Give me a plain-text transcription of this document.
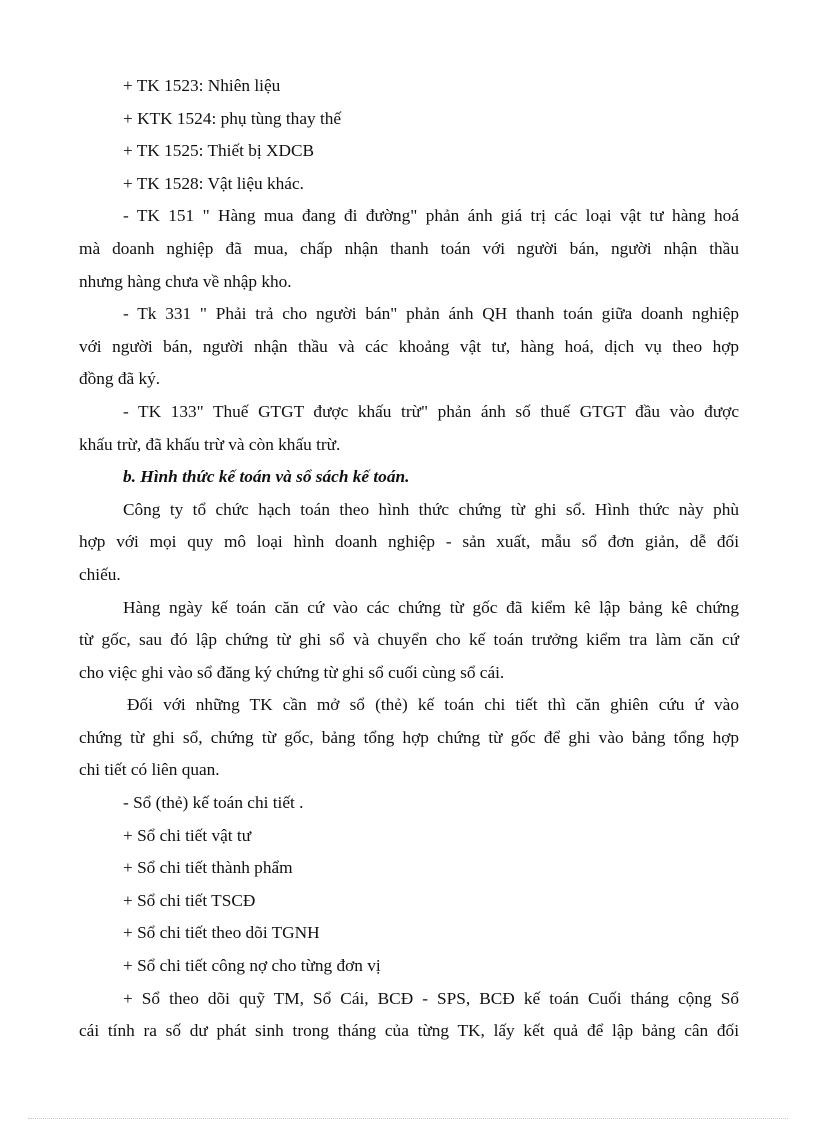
+ TK 1523: Nhiên liệu
+ KTK 1524: phụ tùng thay thế
+ TK 1525: Thiết bị XDCB
+ TK 1528: Vật liệu khác.
- TK 151 " Hàng mua đang đi đường" phản ánh giá trị các loại vật tư hàng hoá
mà doanh nghiệp đã mua, chấp nhận thanh toán với người bán, người nhận thầu
nhưng hàng chưa về nhập kho.
- Tk 331 " Phải trả cho người bán" phản ánh QH thanh toán giữa doanh nghiệp
với người bán, người nhận thầu và các khoảng vật tư, hàng hoá, dịch vụ theo hợp
đồng đã ký.
- TK 133" Thuế GTGT được khấu trừ" phản ánh số thuế GTGT đầu vào được
khấu trừ, đã khấu trừ và còn khấu trừ.
b. Hình thức kế toán và sổ sách kế toán.
Công ty tổ chức hạch toán theo hình thức chứng từ ghi sổ. Hình thức này phù
hợp với mọi quy mô loại hình doanh nghiệp - sản xuất, mẫu sổ đơn giản, dễ đối
chiếu.
Hàng ngày kế toán căn cứ vào các chứng từ gốc đã kiểm kê lập bảng kê chứng
từ gốc, sau đó lập chứng từ ghi sổ và chuyển cho kế toán trưởng kiểm tra làm căn cứ
cho việc ghi vào sổ đăng ký chứng từ ghi sổ cuối cùng sổ cái.
Đối với những TK cần mở sổ (thẻ) kế toán chi tiết thì căn ghiên cứu ứ vào
chứng từ ghi sổ, chứng từ gốc, bảng tổng hợp chứng từ gốc để ghi vào bảng tổng hợp
chi tiết có liên quan.
- Sổ (thẻ) kế toán chi tiết .
+ Sổ chi tiết vật tư
+ Sổ chi tiết thành phẩm
+ Sổ chi tiết TSCĐ
+ Sổ chi tiết theo dõi TGNH
+ Sổ chi tiết công nợ cho từng đơn vị
+ Sổ theo dõi quỹ TM, Sổ Cái, BCĐ - SPS, BCĐ kế toán Cuối tháng cộng Sổ
cái tính ra số dư phát sinh trong tháng của từng TK, lấy kết quả để lập bảng cân đối
